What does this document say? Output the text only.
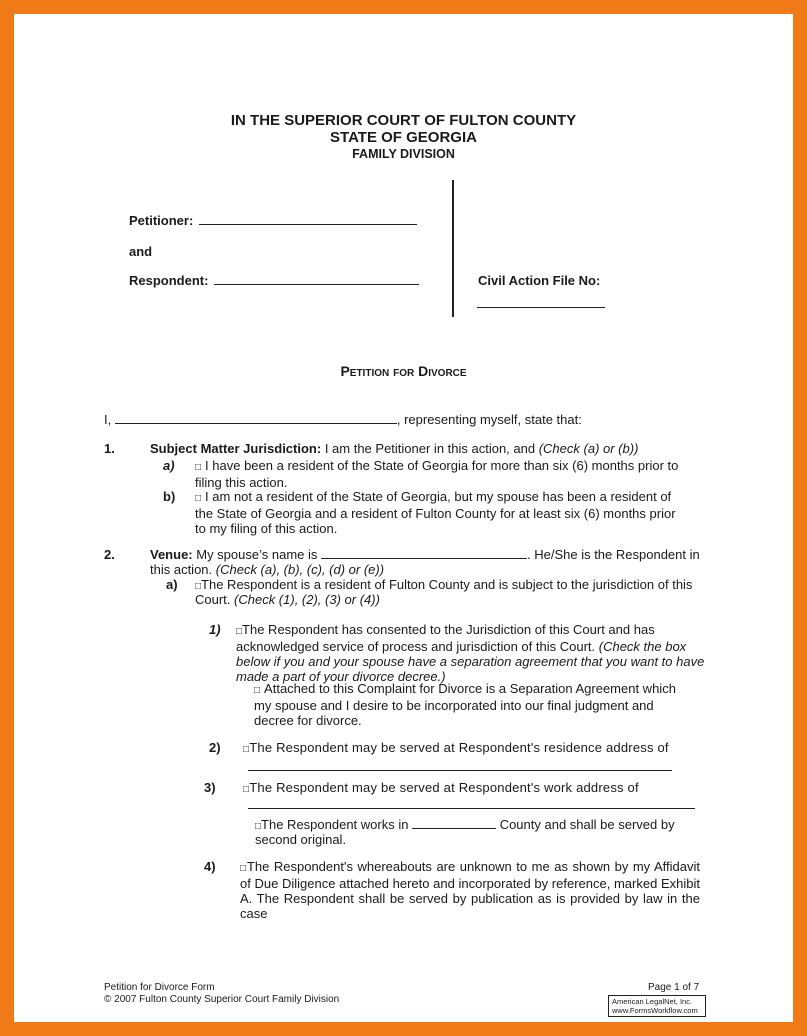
IN THE SUPERIOR COURT OF FULTON COUNTY
STATE OF GEORGIA
FAMILY DIVISION
Petitioner:
and
Respondent:	Civil Action File No:
Petition for Divorce
I,	, representing myself, state that:
1.	Subject Matter Jurisdiction: I am the Petitioner in this action, and (Check (a) or (b))
a) □ I have been a resident of the State of Georgia for more than six (6) months prior to filing this action.
b) □ I am not a resident of the State of Georgia, but my spouse has been a resident of the State of Georgia and a resident of Fulton County for at least six (6) months prior to my filing of this action.
2.	Venue: My spouse’s name is	. He/She is the Respondent in
this action. (Check (a), (b), (c), (d) or (e))
a) □The Respondent is a resident of Fulton County and is subject to the jurisdiction of this
Court. (Check (1), (2), (3) or (4))
1) □The Respondent has consented to the Jurisdiction of this Court and has acknowledged service of process and jurisdiction of this Court. (Check the box below if you and your spouse have a separation agreement that you want to have made a part of your divorce decree.)
□ Attached to this Complaint for Divorce is a Separation Agreement which my spouse and I desire to be incorporated into our final judgment and decree for divorce.
2) □The Respondent may be served at Respondent's residence address of
3)	□The Respondent may be served at Respondent's work address of
□The Respondent works in	County and shall be served by
second original.
4) □The Respondent's whereabouts are unknown to me as shown by my Affidavit of Due Diligence attached hereto and incorporated by reference, marked Exhibit A. The Respondent shall be served by publication as is provided by law in the case
Petition for Divorce Form
© 2007 Fulton County Superior Court Family Division
Page 1 of 7
American LegalNet, Inc.
www.FormsWorkflow.com
